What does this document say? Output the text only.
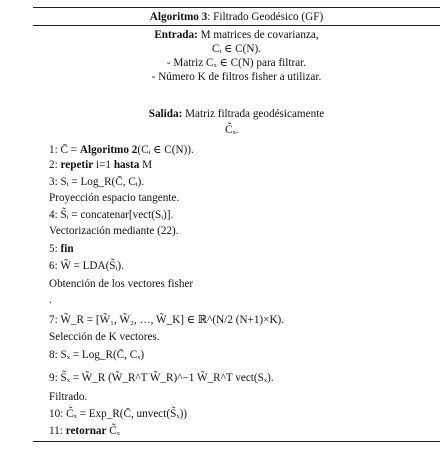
Algoritmo 3: Filtrado Geodésico (GF)
Entrada: M matrices de covarianza,
Cᵢ ∈ C(N).
- Matriz Cₓ ∈ C(N) para filtrar.
- Número K de filtros fisher a utilizar.
Salida: Matriz filtrada geodésicamente
C̃ₓ.
1: C̄ = Algoritmo 2(Cᵢ ∈ C(N)).
2: repetir i=1 hasta M
3: Sᵢ = Log_R(C̄, Cᵢ).
Proyección espacio tangente.
4: S̃ᵢ = concatenar[vect(Sᵢ)].
Vectorización mediante (22).
5: fin
6: W̃ = LDA(S̃ᵢ).
Obtención de los vectores fisher
.
7: W̃_R = [W̃₁, W̃₂, …, W̃_K] ∈ ℝ^(N/2 (N+1)×K).
Selección de K vectores.
8: Sₓ = Log_R(C̄, Cₓ)
9: S̃ₓ = W̃_R (W̃_R^T W̃_R)^−1 W̃_R^T vect(Sₓ).
Filtrado.
10: C̃ₓ = Exp_R(C̄, unvect(S̃ₓ))
11: retornar C̃ₓ
